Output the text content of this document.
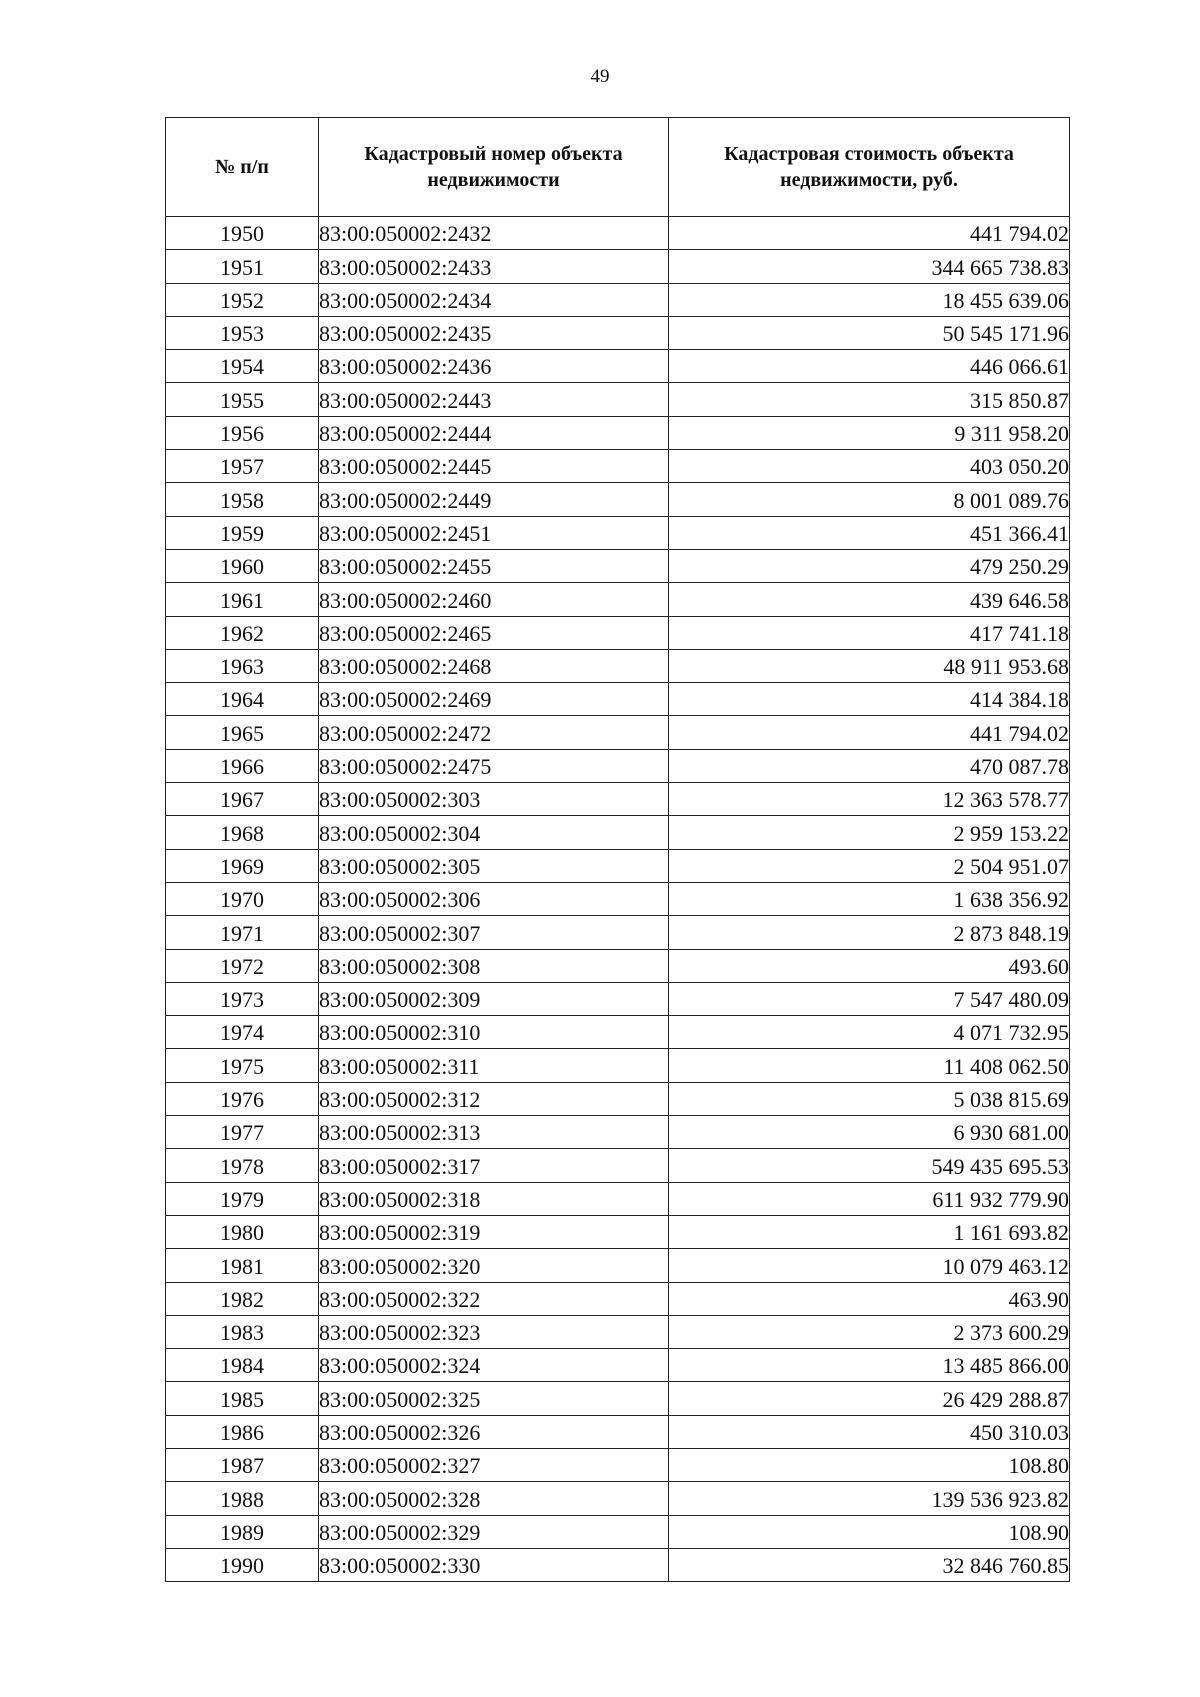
49
№ п/п	Кадастровый номер объекта недвижимости	Кадастровая стоимость объекта недвижимости, руб.
1950	83:00:050002:2432	441 794.02
1951	83:00:050002:2433	344 665 738.83
1952	83:00:050002:2434	18 455 639.06
1953	83:00:050002:2435	50 545 171.96
1954	83:00:050002:2436	446 066.61
1955	83:00:050002:2443	315 850.87
1956	83:00:050002:2444	9 311 958.20
1957	83:00:050002:2445	403 050.20
1958	83:00:050002:2449	8 001 089.76
1959	83:00:050002:2451	451 366.41
1960	83:00:050002:2455	479 250.29
1961	83:00:050002:2460	439 646.58
1962	83:00:050002:2465	417 741.18
1963	83:00:050002:2468	48 911 953.68
1964	83:00:050002:2469	414 384.18
1965	83:00:050002:2472	441 794.02
1966	83:00:050002:2475	470 087.78
1967	83:00:050002:303	12 363 578.77
1968	83:00:050002:304	2 959 153.22
1969	83:00:050002:305	2 504 951.07
1970	83:00:050002:306	1 638 356.92
1971	83:00:050002:307	2 873 848.19
1972	83:00:050002:308	493.60
1973	83:00:050002:309	7 547 480.09
1974	83:00:050002:310	4 071 732.95
1975	83:00:050002:311	11 408 062.50
1976	83:00:050002:312	5 038 815.69
1977	83:00:050002:313	6 930 681.00
1978	83:00:050002:317	549 435 695.53
1979	83:00:050002:318	611 932 779.90
1980	83:00:050002:319	1 161 693.82
1981	83:00:050002:320	10 079 463.12
1982	83:00:050002:322	463.90
1983	83:00:050002:323	2 373 600.29
1984	83:00:050002:324	13 485 866.00
1985	83:00:050002:325	26 429 288.87
1986	83:00:050002:326	450 310.03
1987	83:00:050002:327	108.80
1988	83:00:050002:328	139 536 923.82
1989	83:00:050002:329	108.90
1990	83:00:050002:330	32 846 760.85
